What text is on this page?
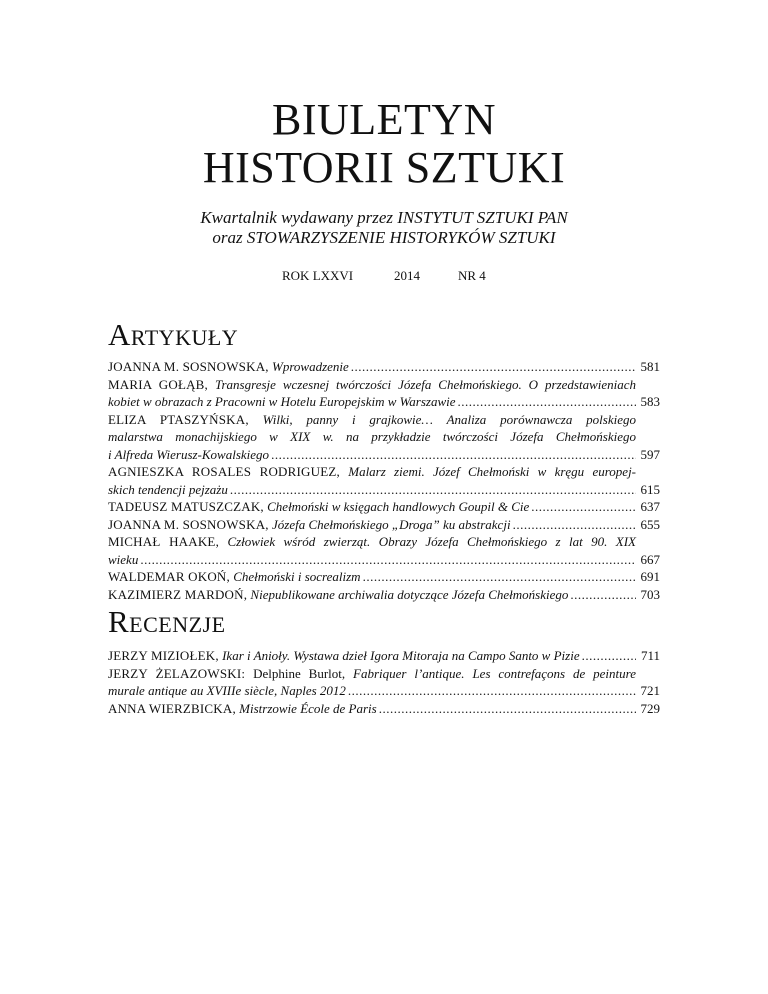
BIULETYN
HISTORII SZTUKI
Kwartalnik wydawany przez INSTYTUT SZTUKI PAN
oraz STOWARZYSZENIE HISTORYKÓW SZTUKI
ROK LXXVI	2014	NR 4
Artykuły
JOANNA M. SOSNOWSKA,
Wprowadzenie .....	581
MARIA GOŁĄB, Transgresje wczesnej twórczości Józefa Chełmońskiego. O przedstawieniach
kobiet w obrazach z Pracowni w Hotelu Europejskim w Warszawie .....	583
ELIZA PTASZYŃSKA, Wilki, panny i grajkowie… Analiza porównawcza polskiego
malarstwa monachijskiego w XIX w. na przykładzie twórczości Józefa Chełmońskiego
i Alfreda Wierusz-Kowalskiego .....	597
AGNIESZKA ROSALES RODRIGUEZ, Malarz ziemi. Józef Chełmoński w kręgu europej-
skich tendencji pejzażu .....	615
TADEUSZ MATUSZCZAK,
Chełmoński w księgach handlowych Goupil & Cie .....	637
JOANNA M. SOSNOWSKA,
Józefa Chełmońskiego „Droga” ku abstrakcji .....	655
MICHAŁ HAAKE, Człowiek wśród zwierząt. Obrazy Józefa Chełmońskiego z lat 90. XIX
wieku .....	667
WALDEMAR OKOŃ,
Chełmoński i socrealizm .....	691
KAZIMIERZ MARDOŃ,
Niepublikowane archiwalia dotyczące Józefa Chełmońskiego .....	703
Recenzje
JERZY MIZIOŁEK,
Ikar i Anioły. Wystawa dzieł Igora Mitoraja na Campo Santo w Pizie .....	711
JERZY ŻELAZOWSKI: Delphine Burlot, Fabriquer l’antique. Les contrefaçons de peinture
murale antique au XVIIIe siècle, Naples 2012 .....	721
ANNA WIERZBICKA,
Mistrzowie École de Paris .....	729
